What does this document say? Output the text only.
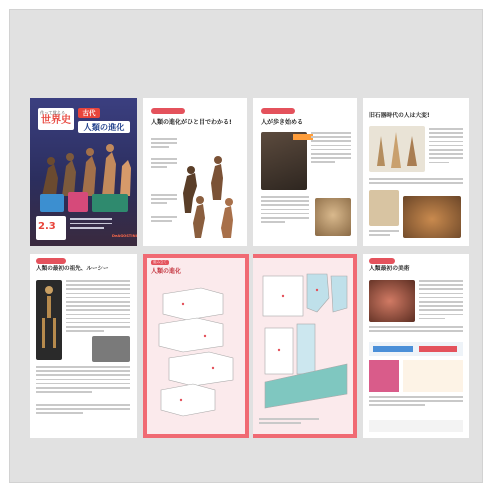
作って覚える
世界史
古代
人類の進化
2.3
DeAGOSTINI
人類の進化がひと目でわかる!	人が歩き始める
旧石器時代の人は大変!
人類の最初の祖先、ルーシー
組み立て
人類の進化	人類最初の美術
